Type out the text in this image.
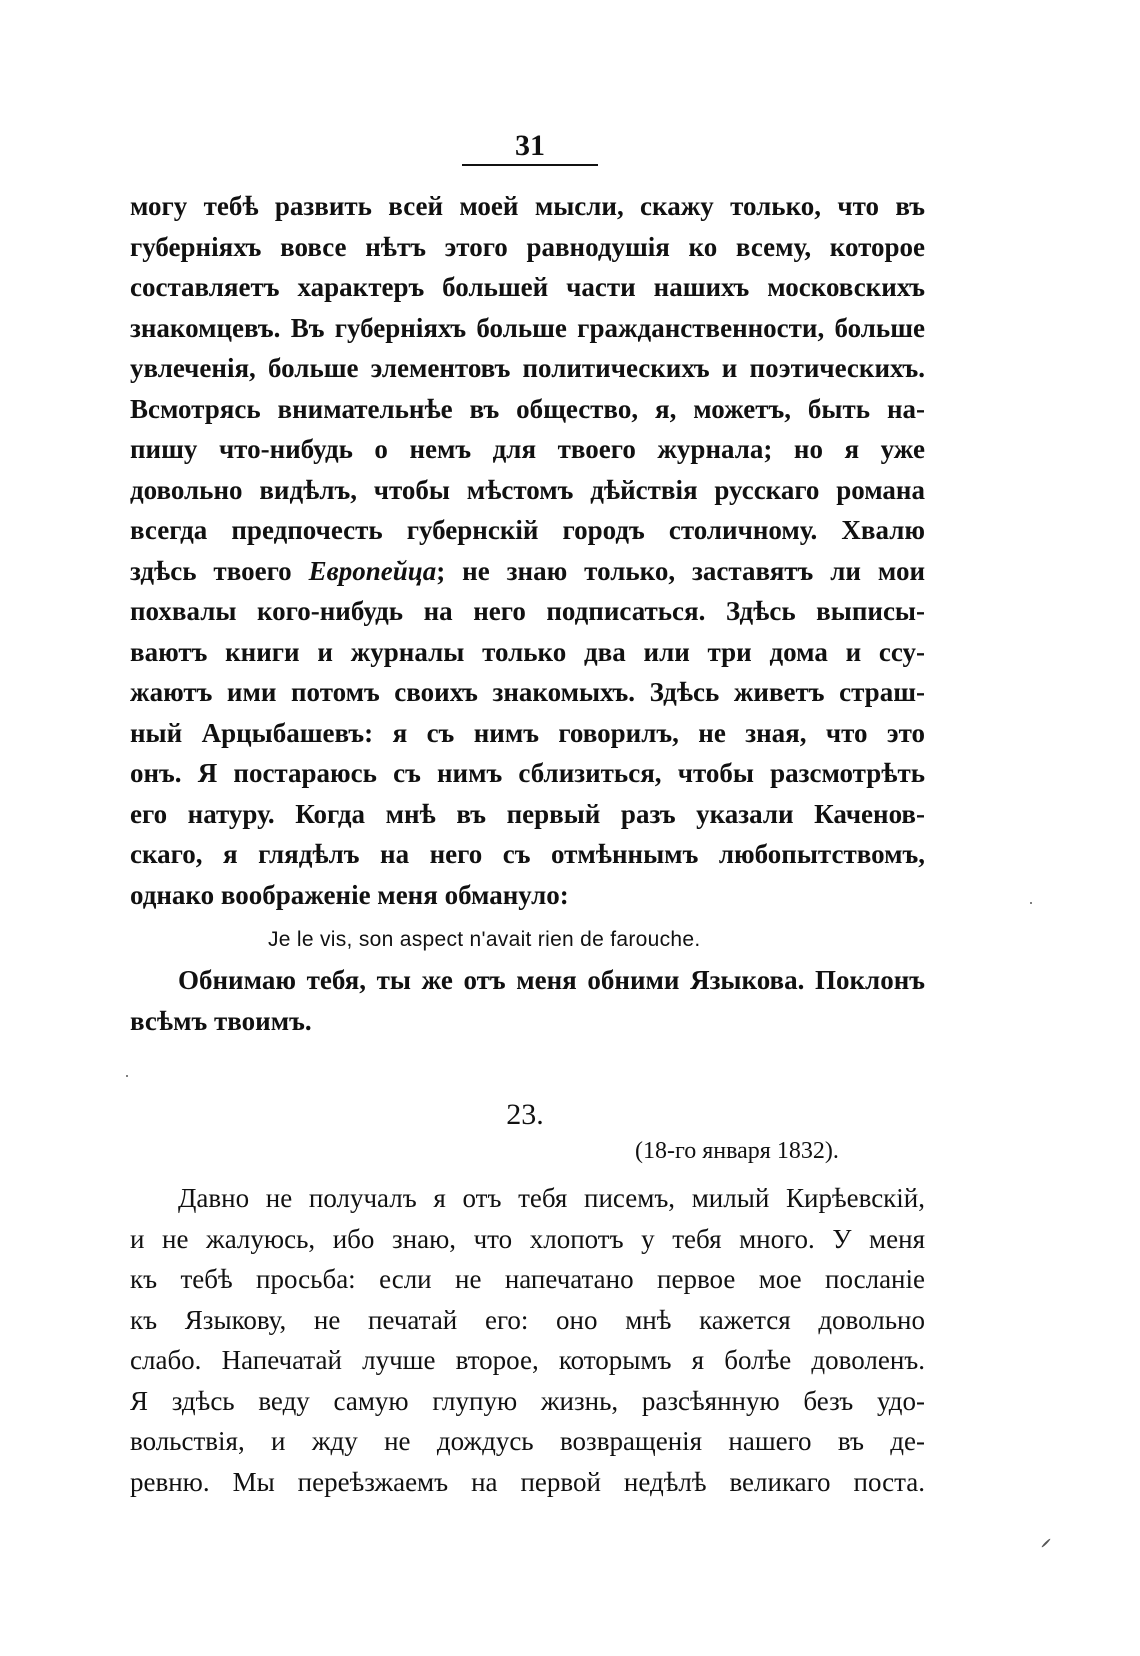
31
могу тебѣ развить всей моей мысли, скажу только, что въ
губерніяхъ вовсе нѣтъ этого равнодушія ко всему, которое
составляетъ характеръ большей части нашихъ московскихъ
знакомцевъ. Въ губерніяхъ больше гражданственности, больше
увлеченія, больше элементовъ политическихъ и поэтическихъ.
Всмотрясь внимательнѣе въ общество, я, можетъ, быть на-
пишу что-нибудь о немъ для твоего журнала; но я уже
довольно видѣлъ, чтобы мѣстомъ дѣйствія русскаго романа
всегда предпочесть губернскій городъ столичному. Хвалю
здѣсь твоего Европейца; не знаю только, заставятъ ли мои
похвалы кого-нибудь на него подписаться. Здѣсь выписы-
ваютъ книги и журналы только два или три дома и ссу-
жаютъ ими потомъ своихъ знакомыхъ. Здѣсь живетъ страш-
ный Арцыбашевъ: я съ нимъ говорилъ, не зная, что это
онъ. Я постараюсь съ нимъ сблизиться, чтобы разсмотрѣть
его натуру. Когда мнѣ въ первый разъ указали Каченов-
скаго, я глядѣлъ на него съ отмѣннымъ любопытствомъ,
однако воображеніе меня обмануло:
Je le vis, son aspect n'avait rien de farouche.
Обнимаю тебя, ты же отъ меня обними Языкова. Поклонъ
всѣмъ твоимъ.
23.
(18-го января 1832).
Давно не получалъ я отъ тебя писемъ, милый Кирѣевскій,
и не жалуюсь, ибо знаю, что хлопотъ у тебя много. У меня
къ тебѣ просьба: если не напечатано первое мое посланіе
къ Языкову, не печатай его: оно мнѣ кажется довольно
слабо. Напечатай лучше второе, которымъ я болѣе доволенъ.
Я здѣсь веду самую глупую жизнь, разсѣянную безъ удо-
вольствія, и жду не дождусь возвращенія нашего въ де-
ревню. Мы переѣзжаемъ на первой недѣлѣ великаго поста.
